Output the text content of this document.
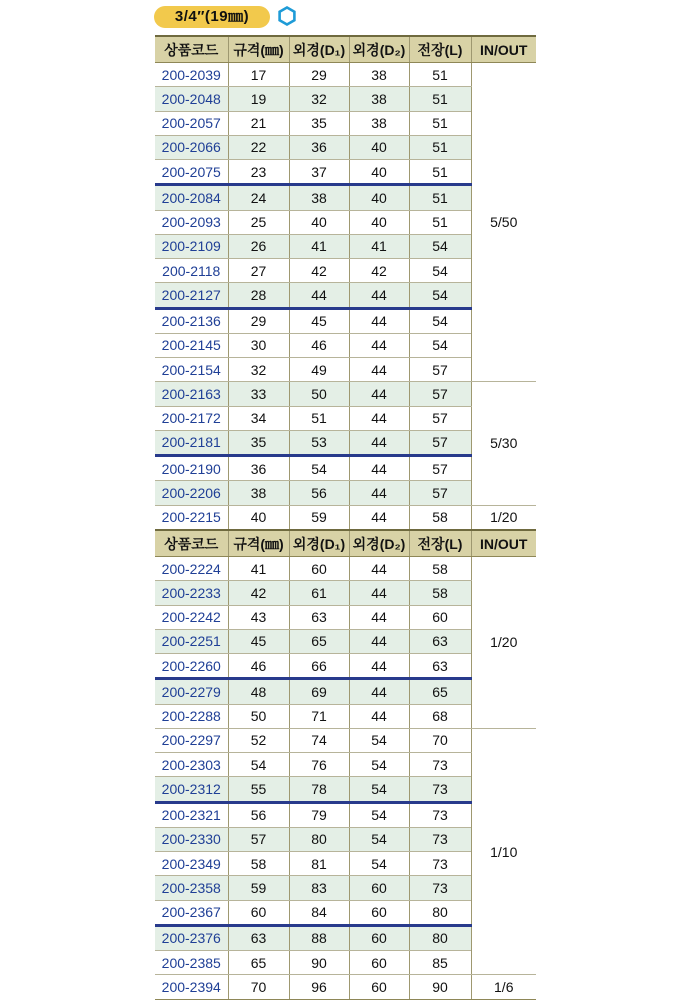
3/4″(19㎜)
상품코드	규격(㎜)	외경(D₁)	외경(D₂)	전장(L)	IN/OUT
200-2039	17	29	38	51	5/50
200-2048	19	32	38	51	
200-2057	21	35	38	51	
200-2066	22	36	40	51	
200-2075	23	37	40	51	
200-2084	24	38	40	51	
200-2093	25	40	40	51	
200-2109	26	41	41	54	
200-2118	27	42	42	54	
200-2127	28	44	44	54	
200-2136	29	45	44	54	
200-2145	30	46	44	54	
200-2154	32	49	44	57	
200-2163	33	50	44	57	5/30
200-2172	34	51	44	57	
200-2181	35	53	44	57	
200-2190	36	54	44	57	
200-2206	38	56	44	57	
200-2215	40	59	44	58	1/20
상품코드	규격(㎜)	외경(D₁)	외경(D₂)	전장(L)	IN/OUT
200-2224	41	60	44	58	1/20
200-2233	42	61	44	58	
200-2242	43	63	44	60	
200-2251	45	65	44	63	
200-2260	46	66	44	63	
200-2279	48	69	44	65	
200-2288	50	71	44	68	
200-2297	52	74	54	70	1/10
200-2303	54	76	54	73	
200-2312	55	78	54	73	
200-2321	56	79	54	73	
200-2330	57	80	54	73	
200-2349	58	81	54	73	
200-2358	59	83	60	73	
200-2367	60	84	60	80	
200-2376	63	88	60	80	
200-2385	65	90	60	85	
200-2394	70	96	60	90	1/6
